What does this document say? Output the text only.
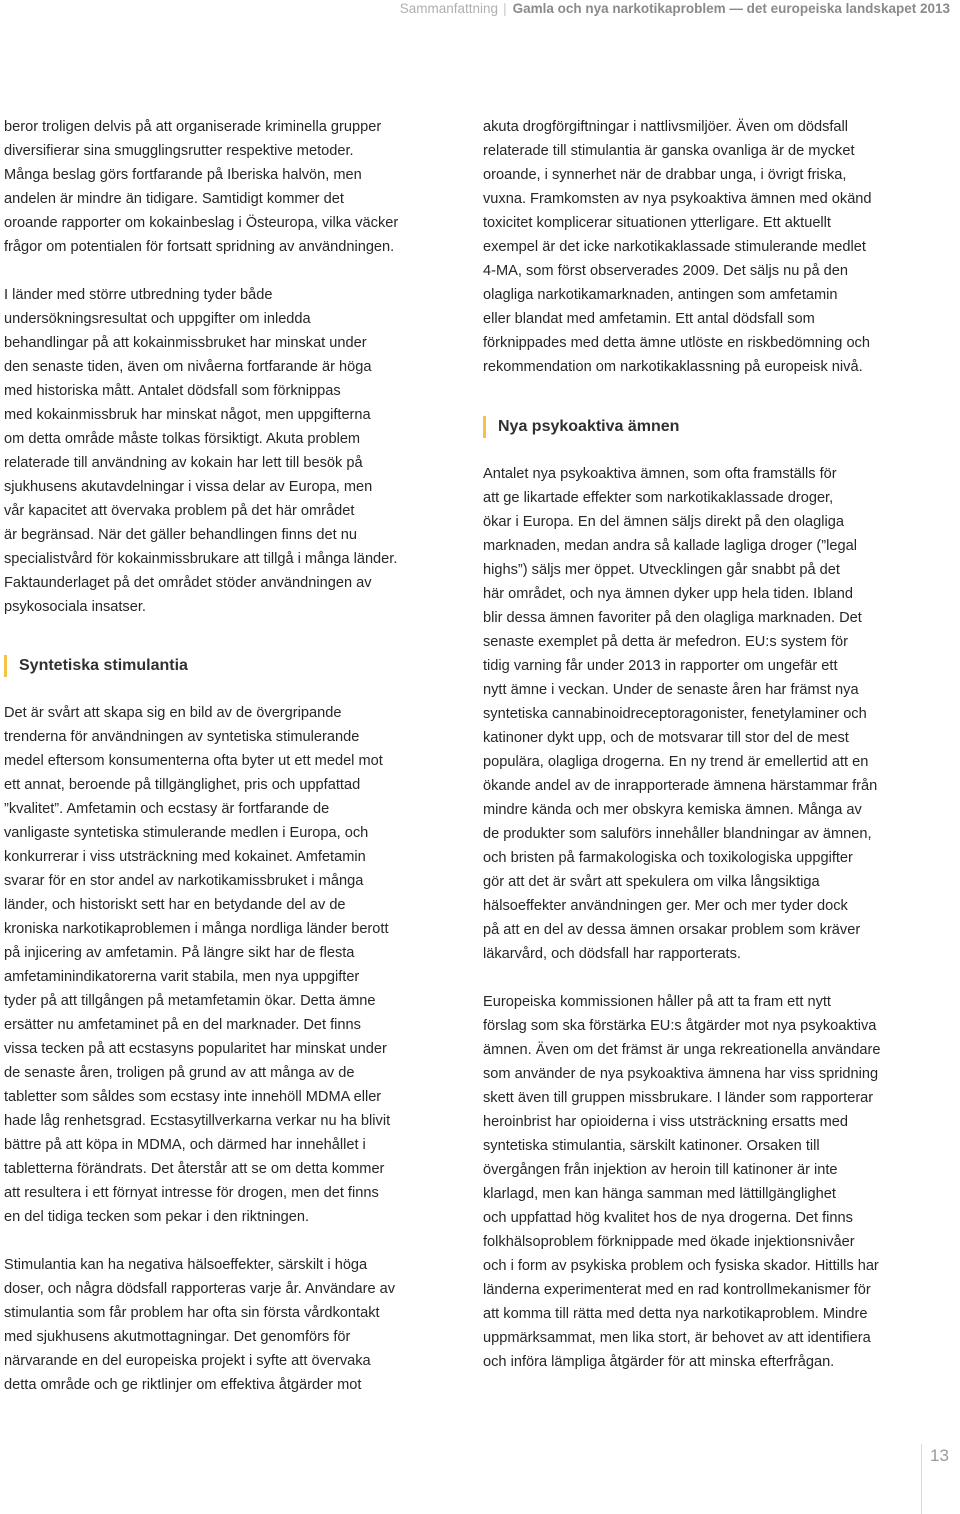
Sammanfattning | Gamla och nya narkotikaproblem — det europeiska landskapet 2013

beror troligen delvis på att organiserade kriminella grupper
diversifierar sina smugglingsrutter respektive metoder.
Många beslag görs fortfarande på Iberiska halvön, men
andelen är mindre än tidigare. Samtidigt kommer det
oroande rapporter om kokainbeslag i Östeuropa, vilka väcker
frågor om potentialen för fortsatt spridning av användningen.

I länder med större utbredning tyder både
undersökningsresultat och uppgifter om inledda
behandlingar på att kokainmissbruket har minskat under
den senaste tiden, även om nivåerna fortfarande är höga
med historiska mått. Antalet dödsfall som förknippas
med kokainmissbruk har minskat något, men uppgifterna
om detta område måste tolkas försiktigt. Akuta problem
relaterade till användning av kokain har lett till besök på
sjukhusens akutavdelningar i vissa delar av Europa, men
vår kapacitet att övervaka problem på det här området
är begränsad. När det gäller behandlingen finns det nu
specialistvård för kokainmissbrukare att tillgå i många länder.
Faktaunderlaget på det området stöder användningen av
psykosociala insatser.

Syntetiska stimulantia

Det är svårt att skapa sig en bild av de övergripande
trenderna för användningen av syntetiska stimulerande
medel eftersom konsumenterna ofta byter ut ett medel mot
ett annat, beroende på tillgänglighet, pris och uppfattad
”kvalitet”. Amfetamin och ecstasy är fortfarande de
vanligaste syntetiska stimulerande medlen i Europa, och
konkurrerar i viss utsträckning med kokainet. Amfetamin
svarar för en stor andel av narkotikamissbruket i många
länder, och historiskt sett har en betydande del av de
kroniska narkotikaproblemen i många nordliga länder berott
på injicering av amfetamin. På längre sikt har de flesta
amfetaminindikatorerna varit stabila, men nya uppgifter
tyder på att tillgången på metamfetamin ökar. Detta ämne
ersätter nu amfetaminet på en del marknader. Det finns
vissa tecken på att ecstasyns popularitet har minskat under
de senaste åren, troligen på grund av att många av de
tabletter som såldes som ecstasy inte innehöll MDMA eller
hade låg renhetsgrad. Ecstasytillverkarna verkar nu ha blivit
bättre på att köpa in MDMA, och därmed har innehållet i
tabletterna förändrats. Det återstår att se om detta kommer
att resultera i ett förnyat intresse för drogen, men det finns
en del tidiga tecken som pekar i den riktningen.

Stimulantia kan ha negativa hälsoeffekter, särskilt i höga
doser, och några dödsfall rapporteras varje år. Användare av
stimulantia som får problem har ofta sin första vårdkontakt
med sjukhusens akutmottagningar. Det genomförs för
närvarande en del europeiska projekt i syfte att övervaka
detta område och ge riktlinjer om effektiva åtgärder mot

akuta drogförgiftningar i nattlivsmiljöer. Även om dödsfall
relaterade till stimulantia är ganska ovanliga är de mycket
oroande, i synnerhet när de drabbar unga, i övrigt friska,
vuxna. Framkomsten av nya psykoaktiva ämnen med okänd
toxicitet komplicerar situationen ytterligare. Ett aktuellt
exempel är det icke narkotikaklassade stimulerande medlet
4-MA, som först observerades 2009. Det säljs nu på den
olagliga narkotikamarknaden, antingen som amfetamin
eller blandat med amfetamin. Ett antal dödsfall som
förknippades med detta ämne utlöste en riskbedömning och
rekommendation om narkotikaklassning på europeisk nivå.

Nya psykoaktiva ämnen

Antalet nya psykoaktiva ämnen, som ofta framställs för
att ge likartade effekter som narkotikaklassade droger,
ökar i Europa. En del ämnen säljs direkt på den olagliga
marknaden, medan andra så kallade lagliga droger (”legal
highs”) säljs mer öppet. Utvecklingen går snabbt på det
här området, och nya ämnen dyker upp hela tiden. Ibland
blir dessa ämnen favoriter på den olagliga marknaden. Det
senaste exemplet på detta är mefedron. EU:s system för
tidig varning får under 2013 in rapporter om ungefär ett
nytt ämne i veckan. Under de senaste åren har främst nya
syntetiska cannabinoidreceptoragonister, fenetylaminer och
katinoner dykt upp, och de motsvarar till stor del de mest
populära, olagliga drogerna. En ny trend är emellertid att en
ökande andel av de inrapporterade ämnena härstammar från
mindre kända och mer obskyra kemiska ämnen. Många av
de produkter som saluförs innehåller blandningar av ämnen,
och bristen på farmakologiska och toxikologiska uppgifter
gör att det är svårt att spekulera om vilka långsiktiga
hälsoeffekter användningen ger. Mer och mer tyder dock
på att en del av dessa ämnen orsakar problem som kräver
läkarvård, och dödsfall har rapporterats.

Europeiska kommissionen håller på att ta fram ett nytt
förslag som ska förstärka EU:s åtgärder mot nya psykoaktiva
ämnen. Även om det främst är unga rekreationella användare
som använder de nya psykoaktiva ämnena har viss spridning
skett även till gruppen missbrukare. I länder som rapporterar
heroinbrist har opioiderna i viss utsträckning ersatts med
syntetiska stimulantia, särskilt katinoner. Orsaken till
övergången från injektion av heroin till katinoner är inte
klarlagd, men kan hänga samman med lättillgänglighet
och uppfattad hög kvalitet hos de nya drogerna. Det finns
folkhälsoproblem förknippade med ökade injektionsnivåer
och i form av psykiska problem och fysiska skador. Hittills har
länderna experimenterat med en rad kontrollmekanismer för
att komma till rätta med detta nya narkotikaproblem. Mindre
uppmärksammat, men lika stort, är behovet av att identifiera
och införa lämpliga åtgärder för att minska efterfrågan.

13
